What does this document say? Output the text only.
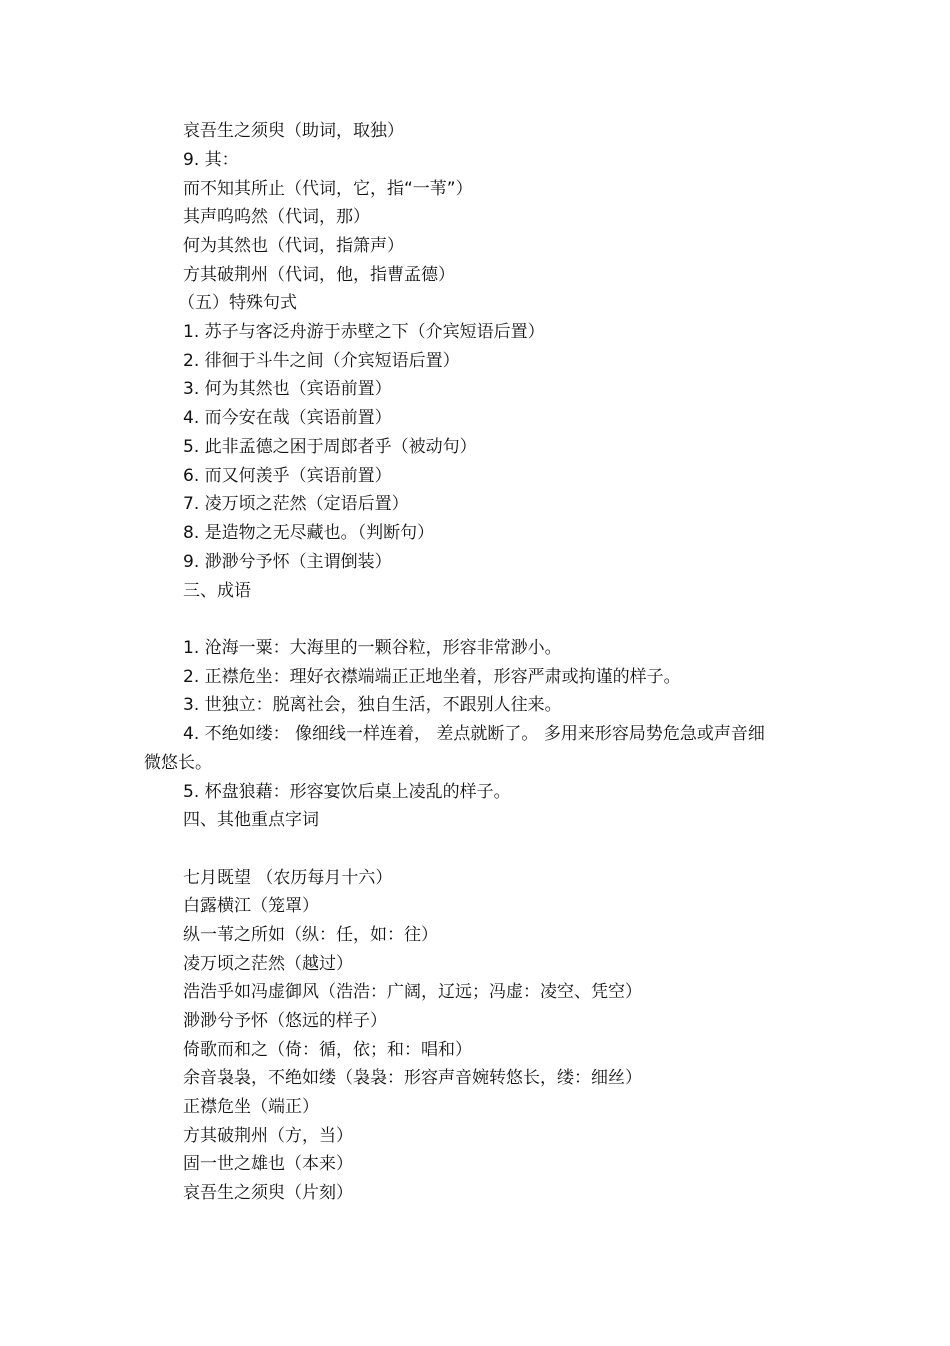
哀吾生之须臾（助词，取独）
9. 其：
而不知其所止（代词，它，指“一苇”）
其声呜呜然（代词，那）
何为其然也（代词，指箫声）
方其破荆州（代词，他，指曹孟德）
（五）特殊句式
1. 苏子与客泛舟游于赤壁之下（介宾短语后置）
2. 徘徊于斗牛之间（介宾短语后置）
3. 何为其然也（宾语前置）
4. 而今安在哉（宾语前置）
5. 此非孟德之困于周郎者乎（被动句）
6. 而又何羡乎（宾语前置）
7. 凌万顷之茫然（定语后置）
8. 是造物之无尽藏也。（判断句）
9. 渺渺兮予怀（主谓倒装）
三、成语
1. 沧海一粟：大海里的一颗谷粒，形容非常渺小。
2. 正襟危坐：理好衣襟端端正正地坐着，形容严肃或拘谨的样子。
3. 世独立：脱离社会，独自生活，不跟别人往来。
4. 不绝如缕： 像细线一样连着， 差点就断了。 多用来形容局势危急或声音细
微悠长。
5. 杯盘狼藉：形容宴饮后桌上凌乱的样子。
四、其他重点字词
七月既望 （农历每月十六）
白露横江（笼罩）
纵一苇之所如（纵：任，如：往）
凌万顷之茫然（越过）
浩浩乎如冯虚御风（浩浩：广阔，辽远；冯虚：凌空、凭空）
渺渺兮予怀（悠远的样子）
倚歌而和之（倚：循，依；和：唱和）
余音袅袅，不绝如缕（袅袅：形容声音婉转悠长，缕：细丝）
正襟危坐（端正）
方其破荆州（方，当）
固一世之雄也（本来）
哀吾生之须臾（片刻）
